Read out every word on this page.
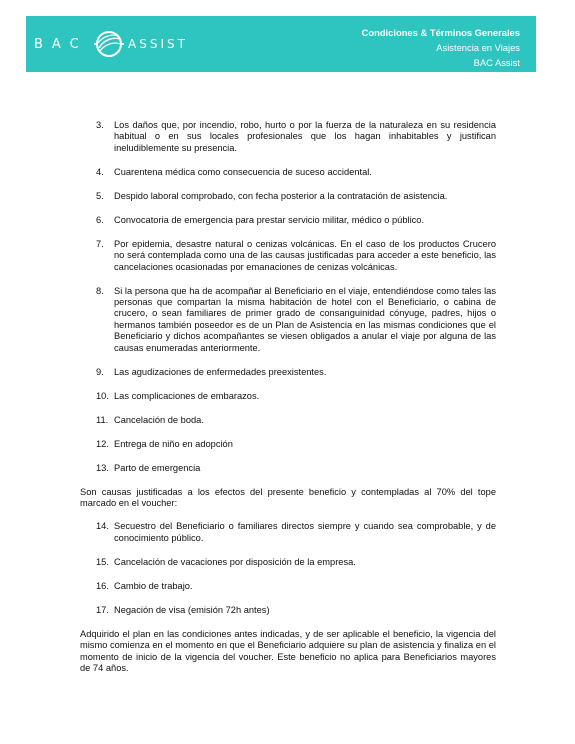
BAC	ASSIST
Condiciones & Términos Generales
Asistencia en Viajes
BAC Assist
3.	Los daños que, por incendio, robo, hurto o por la fuerza de la naturaleza en su residencia habitual o en sus locales profesionales que los hagan inhabitables y justifican ineludiblemente su presencia.
4.	Cuarentena médica como consecuencia de suceso accidental.
5.	Despido laboral comprobado, con fecha posterior a la contratación de asistencia.
6.	Convocatoria de emergencia para prestar servicio militar, médico o público.
7.	Por epidemia, desastre natural o cenizas volcánicas. En el caso de los productos Crucero no será contemplada como una de las causas justificadas para acceder a este beneficio, las cancelaciones ocasionadas por emanaciones de cenizas volcánicas.
8.	Si la persona que ha de acompañar al Beneficiario en el viaje, entendiéndose como tales las personas que compartan la misma habitación de hotel con el Beneficiario, o cabina de crucero, o sean familiares de primer grado de consanguinidad cónyuge, padres, hijos o hermanos también poseedor es de un Plan de Asistencia en las mismas condiciones que el Beneficiario y dichos acompañantes se viesen obligados a anular el viaje por alguna de las causas enumeradas anteriormente.
9.	Las agudizaciones de enfermedades preexistentes.
10. Las complicaciones de embarazos.
11. Cancelación de boda.
12. Entrega de niño en adopción
13. Parto de emergencia
Son causas justificadas a los efectos del presente beneficio y contempladas al 70% del tope marcado en el voucher:
14. Secuestro del Beneficiario o familiares directos siempre y cuando sea comprobable, y de conocimiento público.
15. Cancelación de vacaciones por disposición de la empresa.
16. Cambio de trabajo.
17. Negación de visa (emisión 72h antes)
Adquirido el plan en las condiciones antes indicadas, y de ser aplicable el beneficio, la vigencia del mismo comienza en el momento en que el Beneficiario adquiere su plan de asistencia y finaliza en el momento de inicio de la vigencia del voucher. Este beneficio no aplica para Beneficiarios mayores de 74 años.
